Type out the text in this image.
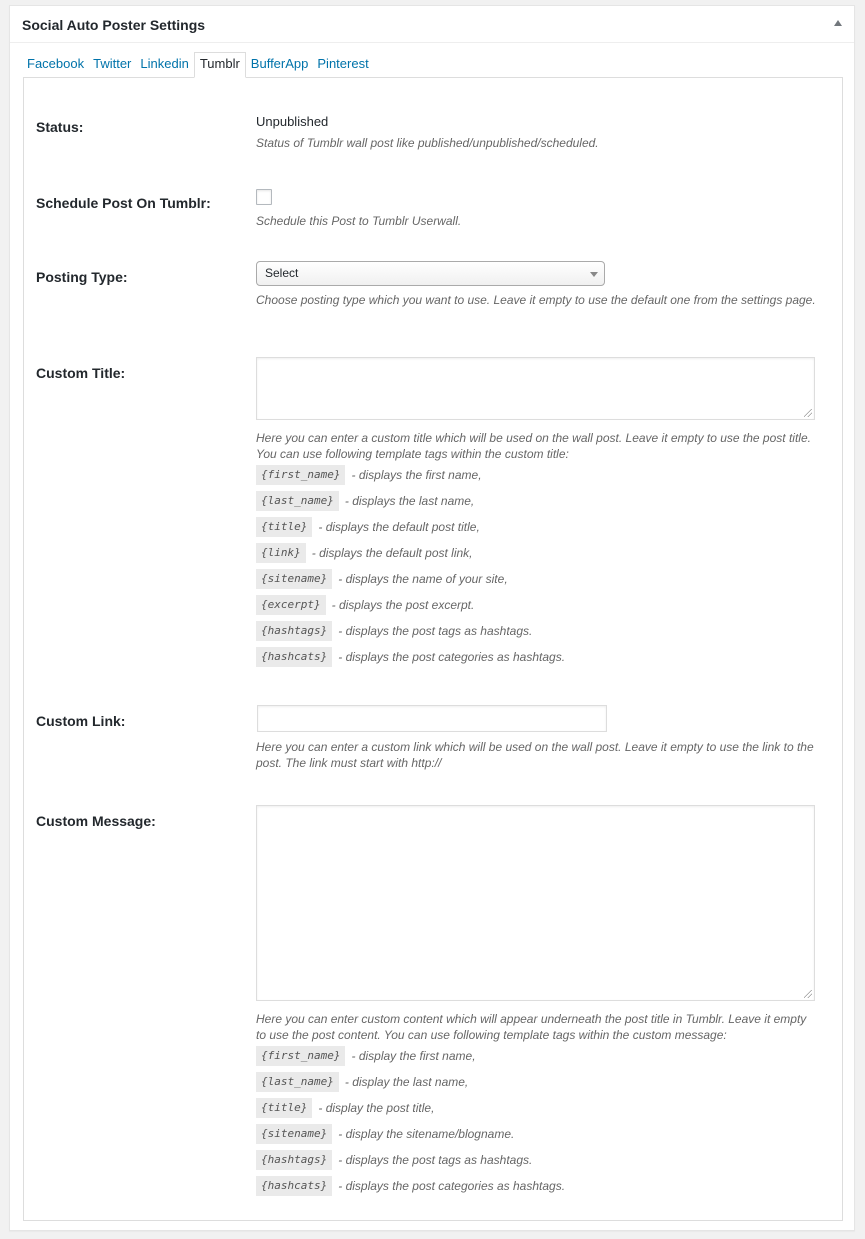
Social Auto Poster Settings
Facebook Twitter Linkedin Tumblr BufferApp Pinterest
Status:	Unpublished

Status of Tumblr wall post like published/unpublished/scheduled.

Schedule Post On Tumblr:

Schedule this Post to Tumblr Userwall.

Posting Type:	Select

Choose posting type which you want to use. Leave it empty to use the default one from the settings page.

Custom Title:

Here you can enter a custom title which will be used on the wall post. Leave it empty to use the post title. You can use following template tags within the custom title:

{first_name} - displays the first name,
{last_name} - displays the last name,
{title} - displays the default post title,
{link} - displays the default post link,
{sitename} - displays the name of your site,
{excerpt} - displays the post excerpt.
{hashtags} - displays the post tags as hashtags.
{hashcats} - displays the post categories as hashtags.
Custom Link:

Here you can enter a custom link which will be used on the wall post. Leave it empty to use the link to the post. The link must start with http://

Custom Message:

Here you can enter custom content which will appear underneath the post title in Tumblr. Leave it empty to use the post content. You can use following template tags within the custom message:

{first_name} - display the first name,
{last_name} - display the last name,
{title} - display the post title,
{sitename} - display the sitename/blogname.
{hashtags} - displays the post tags as hashtags.
{hashcats} - displays the post categories as hashtags.
